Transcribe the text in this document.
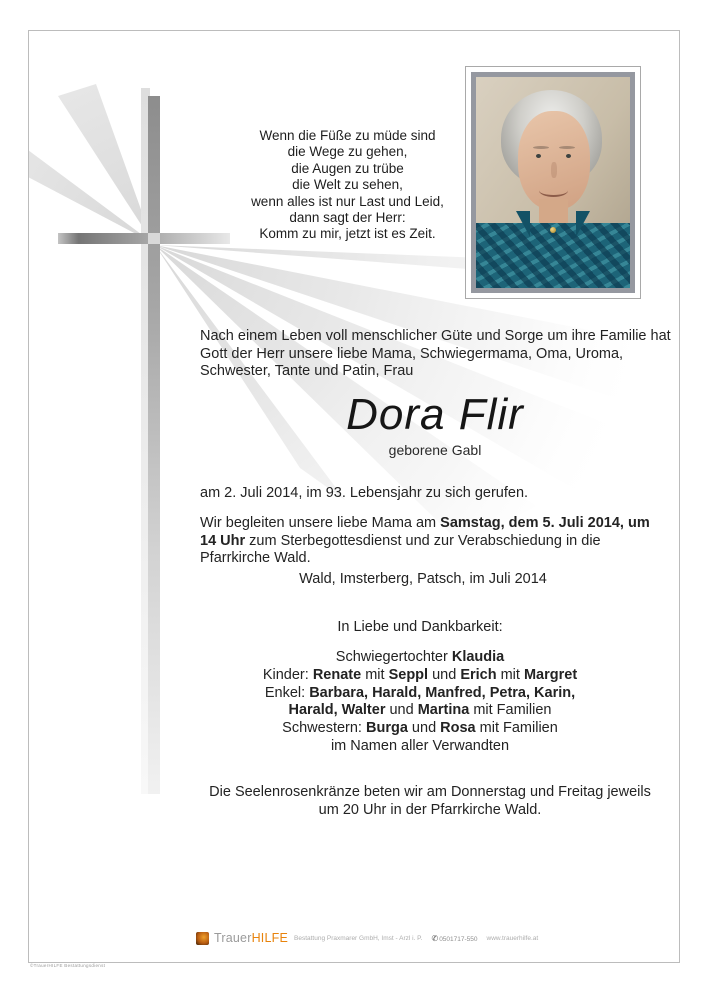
Wenn die Füße zu müde sind
die Wege zu gehen,
die Augen zu trübe
die Welt zu sehen,
wenn alles ist nur Last und Leid,
dann sagt der Herr:
Komm zu mir, jetzt ist es Zeit.
Nach einem Leben voll menschlicher Güte und Sorge um ihre Familie hat Gott der Herr unsere liebe Mama, Schwiegermama, Oma, Uroma, Schwester, Tante und Patin, Frau
Dora Flir
geborene Gabl
am 2. Juli 2014, im 93. Lebensjahr zu sich gerufen.
Wir begleiten unsere liebe Mama am Samstag, dem 5. Juli 2014, um 14 Uhr zum Sterbegottesdienst und zur Verabschiedung in die Pfarrkirche Wald.
Wald, Imsterberg, Patsch, im Juli 2014
In Liebe und Dankbarkeit:
Schwiegertochter Klaudia
Kinder: Renate mit Seppl und Erich mit Margret
Enkel: Barbara, Harald, Manfred, Petra, Karin,
Harald, Walter und Martina mit Familien
Schwestern: Burga und Rosa mit Familien
im Namen aller Verwandten
Die Seelenrosenkränze beten wir am Donnerstag und Freitag jeweils
um 20 Uhr in der Pfarrkirche Wald.
TrauerHILFE Bestattung Praxmarer GmbH, Imst - Arzl i. P. ✆0501717-550 www.trauerhilfe.at
©TrauerHILFE Bestattungsdienst
